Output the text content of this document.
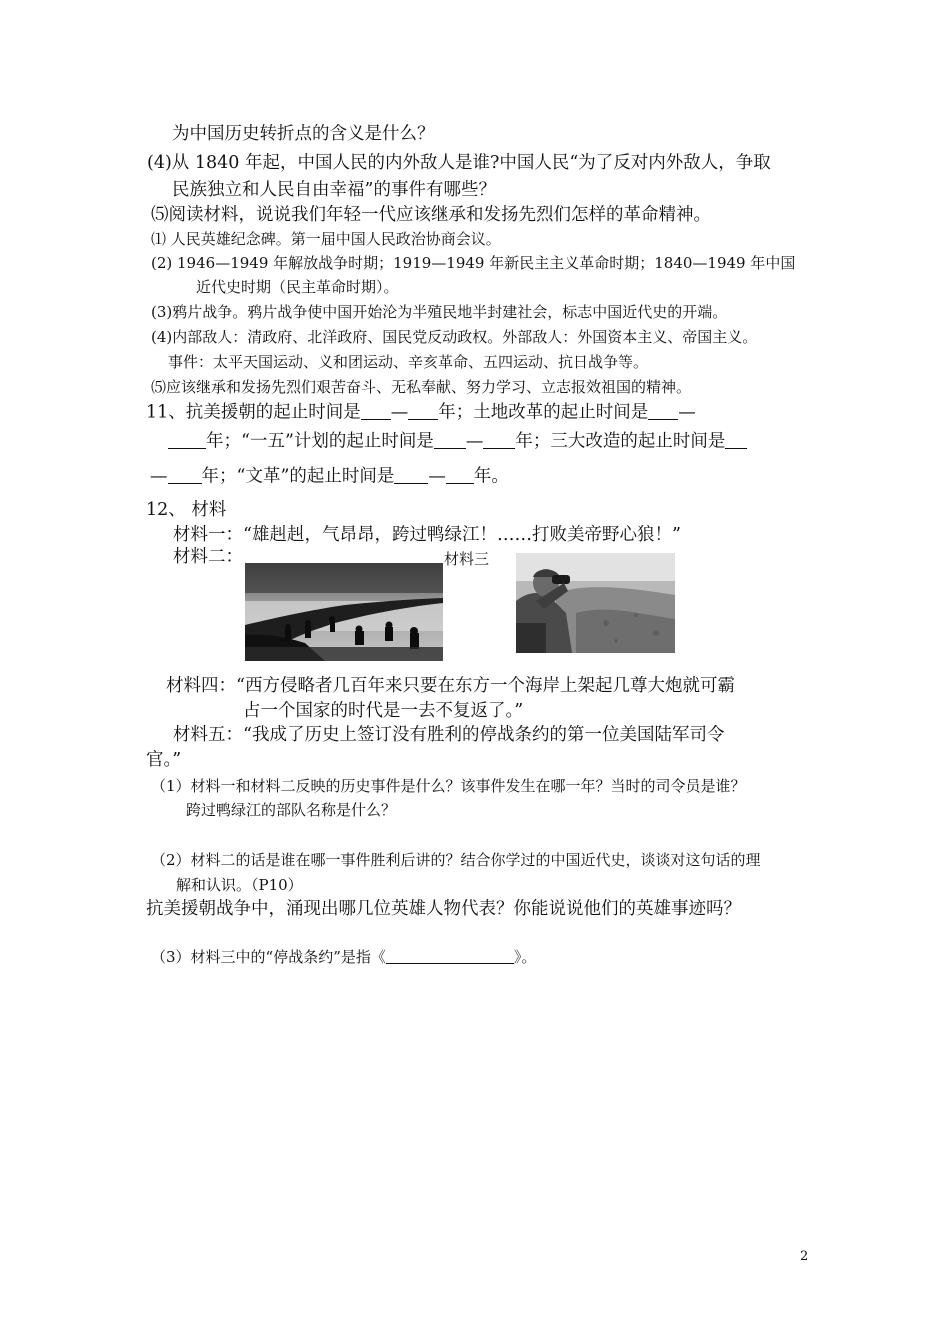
为中国历史转折点的含义是什么？
(4)从 1840 年起，中国人民的内外敌人是谁?中国人民“为了反对内外敌人，争取
民族独立和人民自由幸福”的事件有哪些？
⑸阅读材料，说说我们年轻一代应该继承和发扬先烈们怎样的革命精神。
⑴ 人民英雄纪念碑。第一届中国人民政治协商会议。
(2) 1946—1949 年解放战争时期；1919—1949 年新民主主义革命时期；1840—1949 年中国
近代史时期（民主革命时期）。
(3)鸦片战争。鸦片战争使中国开始沦为半殖民地半封建社会，标志中国近代史的开端。
(4)内部敌人：清政府、北洋政府、国民党反动政权。外部敌人：外国资本主义、帝国主义。
事件：太平天国运动、义和团运动、辛亥革命、五四运动、抗日战争等。
⑸应该继承和发扬先烈们艰苦奋斗、无私奉献、努力学习、立志报效祖国的精神。
11、抗美援朝的起止时间是 — 年；土地改革的起止时间是 —
年；“一五”计划的起止时间是 — 年；三大改造的起止时间是
— 年；“文革”的起止时间是 — 年。
12、 材料
材料一：“雄赳赳，气昂昂，跨过鸭绿江！……打败美帝野心狼！”
材料二：	材料三
材料四：“西方侵略者几百年来只要在东方一个海岸上架起几尊大炮就可霸
占一个国家的时代是一去不复返了。”
材料五：“我成了历史上签订没有胜利的停战条约的第一位美国陆军司令
官。”
（1）材料一和材料二反映的历史事件是什么？该事件发生在哪一年？当时的司令员是谁？
跨过鸭绿江的部队名称是什么？
（2）材料二的话是谁在哪一事件胜利后讲的？结合你学过的中国近代史，谈谈对这句话的理
解和认识。（P10）
抗美援朝战争中，涌现出哪几位英雄人物代表？你能说说他们的英雄事迹吗？
（3）材料三中的“停战条约”是指《	》。
2
